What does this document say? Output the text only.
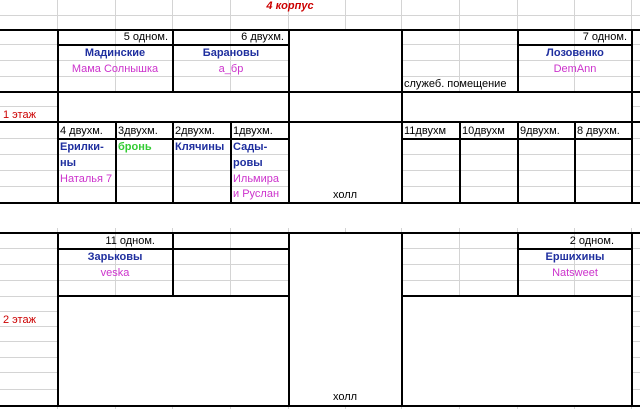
4 корпус
5 одном.
Мадинские
Мама Солнышка
6 двухм.
Барановы
a_бр
служеб. помещение
7 одном.
Лозовенко
DemAnn
1 этаж
4 двухм. 3двухм. 2двухм. 1двухм.	11двухм 10двухм 9двухм. 8 двухм.
Ерилки-
ны
Наталья 7
бронь Клячины Сады-
ровы
Ильмира
и Руслан	холл
11 одном.
Зарьковы
veska
2 одном.
Ершихины
Natsweet
2 этаж
холл
